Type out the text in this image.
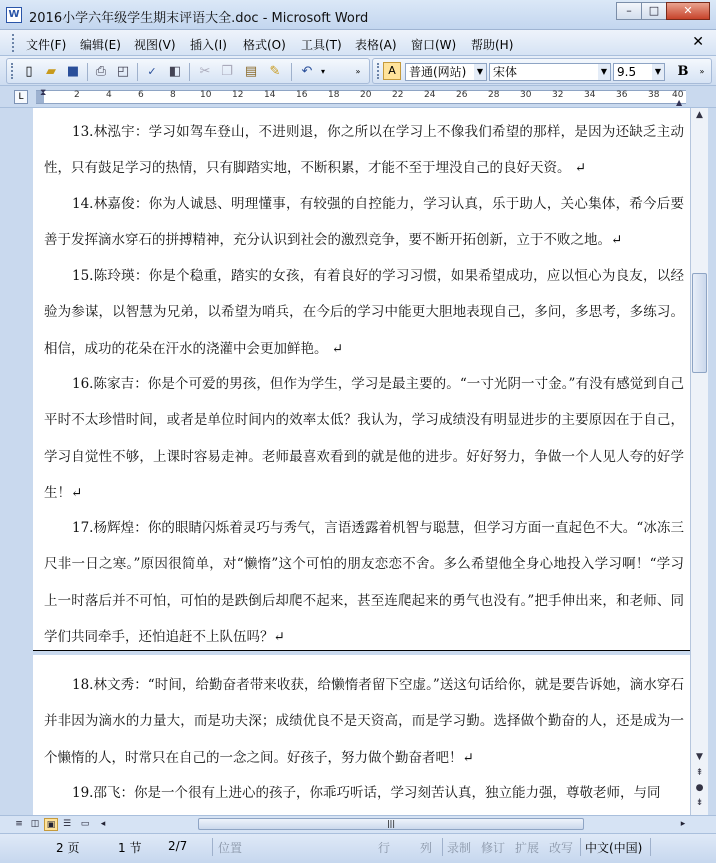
W 2016小学六年级学生期末评语大全.doc - Microsoft Word
–	□	✕
文件(F) 编辑(E) 视图(V) 插入(I) 格式(O) 工具(T) 表格(A) 窗口(W) 帮助(H)	✕
▯	▰ ■ ⎙ ◰	✓ ◧ ✂ ❐ ▤ ✎ ↶	▾	»	A	普通(网站)	▼ 宋体	▼ 9.5	▼ B	»
L	2	4	6	8	10 12 14 16 18 20 22 24 26 28 30 32 34 36 38 40
⧗
▲
13.林泓宇：学习如驾车登山，不进则退，你之所以在学习上不像我们希望的那样，是因为还缺乏主动性，只有鼓足学习的热情，只有脚踏实地，不断积累，才能不至于埋没自己的良好天资。 ↵
14.林嘉俊：你为人诚恳、明理懂事，有较强的自控能力，学习认真，乐于助人，关心集体，希今后要善于发挥滴水穿石的拼搏精神，充分认识到社会的激烈竞争，要不断开拓创新，立于不败之地。↵
15.陈玲瑛：你是个稳重，踏实的女孩，有着良好的学习习惯，如果希望成功，应以恒心为良友，以经验为参谋，以智慧为兄弟，以希望为哨兵，在今后的学习中能更大胆地表现自己，多问，多思考，多练习。相信，成功的花朵在汗水的浇灌中会更加鲜艳。 ↵
16.陈家吉：你是个可爱的男孩，但作为学生，学习是最主要的。“一寸光阴一寸金。”有没有感觉到自己平时不太珍惜时间，或者是单位时间内的效率太低？我认为，学习成绩没有明显进步的主要原因在于自己，学习自觉性不够，上课时容易走神。老师最喜欢看到的就是他的进步。好好努力，争做一个人见人夸的好学生！↵
17.杨辉煌：你的眼睛闪烁着灵巧与秀气，言语透露着机智与聪慧，但学习方面一直起色不大。“冰冻三尺非一日之寒。”原因很简单，对“懒惰”这个可怕的朋友恋恋不舍。多么希望他全身心地投入学习啊！“学习上一时落后并不可怕，可怕的是跌倒后却爬不起来，甚至连爬起来的勇气也没有。”把手伸出来，和老师、同学们共同牵手，还怕追赶不上队伍吗？↵
18.林文秀：“时间，给勤奋者带来收获，给懒惰者留下空虚。”送这句话给你，就是要告诉她，滴水穿石并非因为滴水的力量大，而是功夫深；成绩优良不是天资高，而是学习勤。选择做个勤奋的人，还是成为一个懒惰的人，时常只在自己的一念之间。好孩子，努力做个勤奋者吧！↵
19.邵飞：你是一个很有上进心的孩子，你乖巧听话，学习刻苦认真，独立能力强，尊敬老师，与同
▲
▼
⇞
●
⇟
≡ ◫ ▣ ☰	▭	◂	|||	▸
2 页	1 节 2/7	位置	行 列 录制 修订 扩展 改写 中文(中国)
